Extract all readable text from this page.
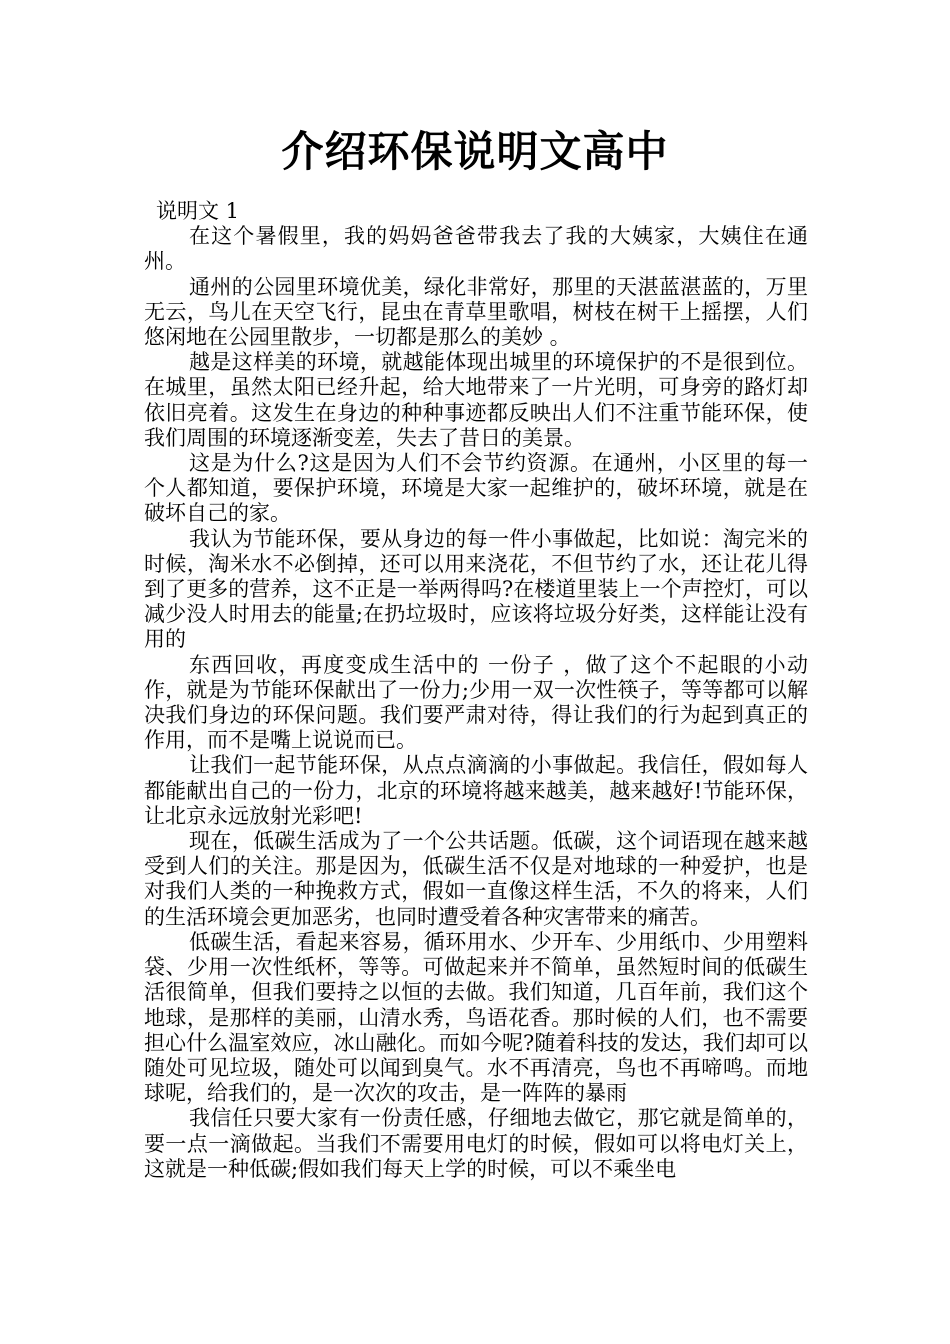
介绍环保说明文高中

说明文 1

在这个暑假里，我的妈妈爸爸带我去了我的大姨家，大姨住在通州。

通州的公园里环境优美，绿化非常好，那里的天湛蓝湛蓝的，万里无云，鸟儿在天空飞行，昆虫在青草里歌唱，树枝在树干上摇摆，人们悠闲地在公园里散步，一切都是那么的美妙 。

越是这样美的环境，就越能体现出城里的环境保护的不是很到位。在城里，虽然太阳已经升起，给大地带来了一片光明，可身旁的路灯却依旧亮着。这发生在身边的种种事迹都反映出人们不注重节能环保，使我们周围的环境逐渐变差，失去了昔日的美景。

这是为什么?这是因为人们不会节约资源。在通州，小区里的每一个人都知道，要保护环境，环境是大家一起维护的，破坏环境，就是在破坏自己的家。

我认为节能环保，要从身边的每一件小事做起，比如说：淘完米的时候，淘米水不必倒掉，还可以用来浇花，不但节约了水，还让花儿得到了更多的营养，这不正是一举两得吗?在楼道里装上一个声控灯，可以减少没人时用去的能量;在扔垃圾时，应该将垃圾分好类，这样能让没有用的

东西回收，再度变成生活中的 一份子 ，做了这个不起眼的小动作，就是为节能环保献出了一份力;少用一双一次性筷子，等等都可以解决我们身边的环保问题。我们要严肃对待，得让我们的行为起到真正的作用，而不是嘴上说说而已。

让我们一起节能环保，从点点滴滴的小事做起。我信任，假如每人都能献出自己的一份力，北京的环境将越来越美，越来越好!节能环保，让北京永远放射光彩吧!

现在，低碳生活成为了一个公共话题。低碳，这个词语现在越来越受到人们的关注。那是因为，低碳生活不仅是对地球的一种爱护，也是对我们人类的一种挽救方式，假如一直像这样生活，不久的将来，人们的生活环境会更加恶劣，也同时遭受着各种灾害带来的痛苦。

低碳生活，看起来容易，循环用水、少开车、少用纸巾、少用塑料袋、少用一次性纸杯，等等。可做起来并不简单，虽然短时间的低碳生活很简单，但我们要持之以恒的去做。我们知道，几百年前，我们这个地球，是那样的美丽，山清水秀，鸟语花香。那时候的人们，也不需要担心什么温室效应，冰山融化。而如今呢?随着科技的发达，我们却可以随处可见垃圾，随处可以闻到臭气。水不再清亮，鸟也不再啼鸣。而地球呢，给我们的，是一次次的攻击，是一阵阵的暴雨

我信任只要大家有一份责任感，仔细地去做它，那它就是简单的，要一点一滴做起。当我们不需要用电灯的时候，假如可以将电灯关上，这就是一种低碳;假如我们每天上学的时候，可以不乘坐电
